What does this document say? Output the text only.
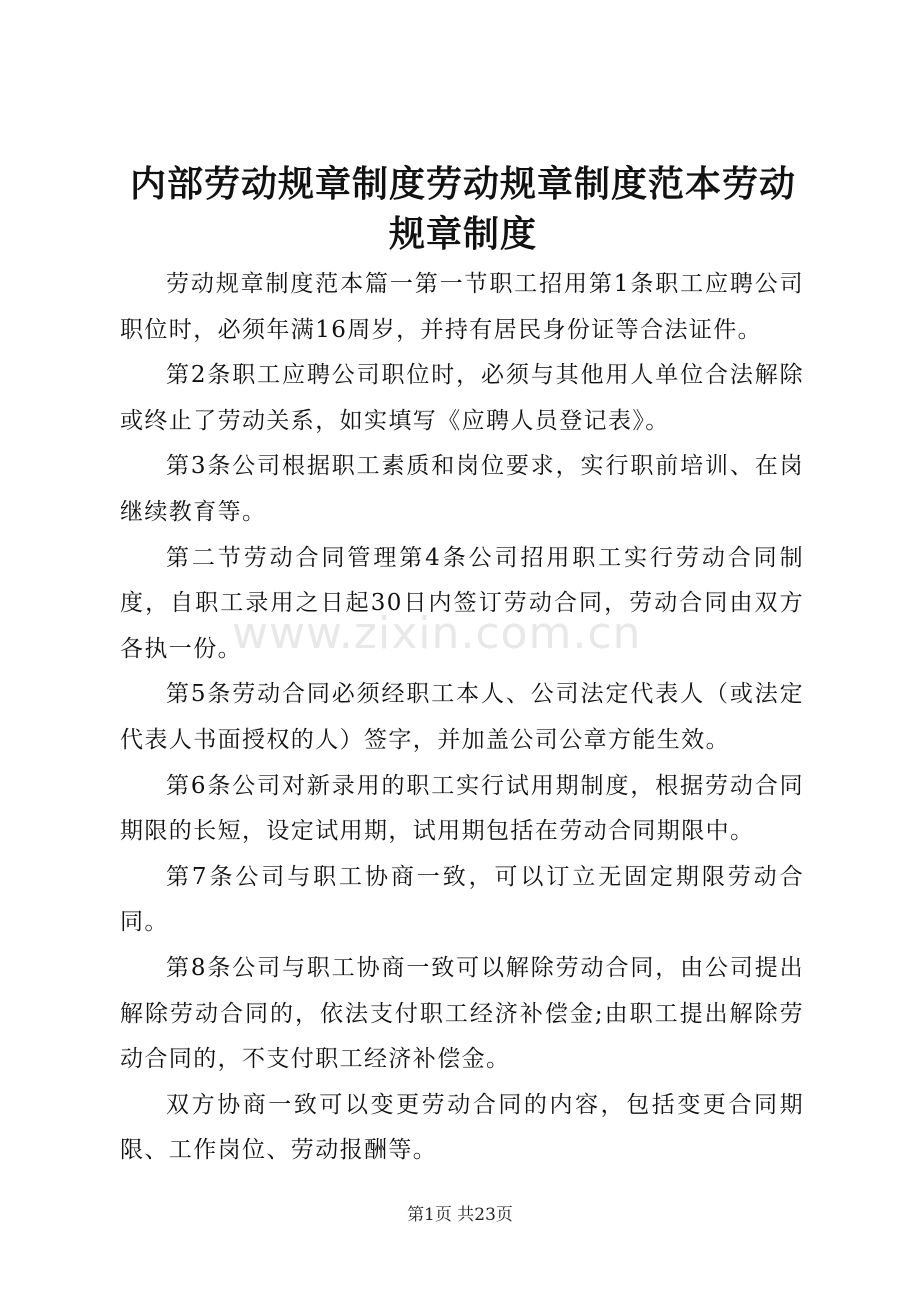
内部劳动规章制度劳动规章制度范本劳动规章制度

劳动规章制度范本篇一第一节职工招用第1条职工应聘公司职位时，必须年满16周岁，并持有居民身份证等合法证件。

第2条职工应聘公司职位时，必须与其他用人单位合法解除或终止了劳动关系，如实填写《应聘人员登记表》。

第3条公司根据职工素质和岗位要求，实行职前培训、在岗继续教育等。

第二节劳动合同管理第4条公司招用职工实行劳动合同制度，自职工录用之日起30日内签订劳动合同，劳动合同由双方各执一份。

第5条劳动合同必须经职工本人、公司法定代表人（或法定代表人书面授权的人）签字，并加盖公司公章方能生效。

第6条公司对新录用的职工实行试用期制度，根据劳动合同期限的长短，设定试用期，试用期包括在劳动合同期限中。

第7条公司与职工协商一致，可以订立无固定期限劳动合同。

第8条公司与职工协商一致可以解除劳动合同，由公司提出解除劳动合同的，依法支付职工经济补偿金;由职工提出解除劳动合同的，不支付职工经济补偿金。

双方协商一致可以变更劳动合同的内容，包括变更合同期限、工作岗位、劳动报酬等。

www.zixin.com.cn
第1页 共23页
